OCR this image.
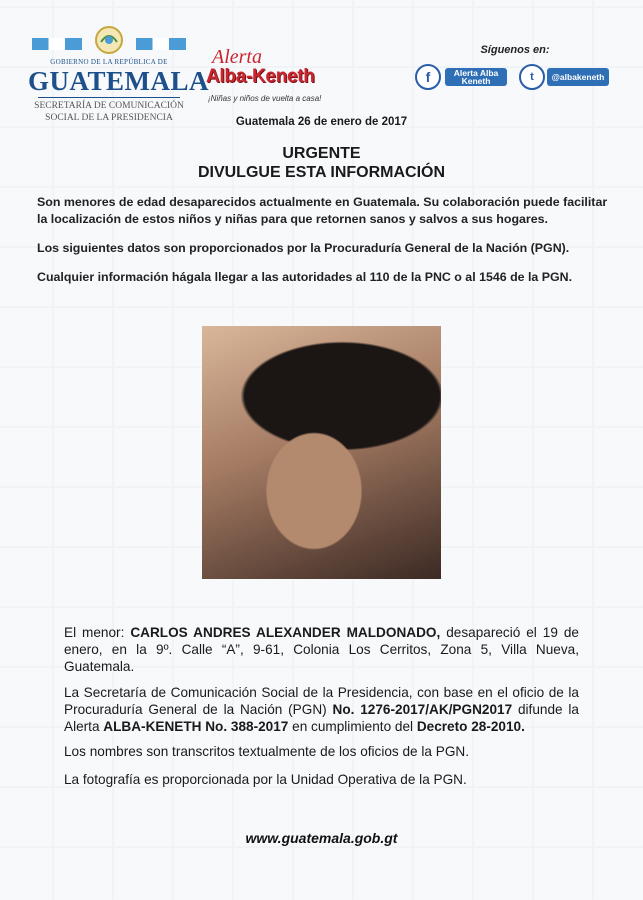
GOBIERNO DE LA REPÚBLICA DE
GUATEMALA
SECRETARÍA DE COMUNICACIÓN
SOCIAL DE LA PRESIDENCIA
Alerta
Alba-Keneth
¡Niñas y niños de vuelta a casa!
Síguenos en:
f	Alerta Alba Keneth	t	@albakeneth
Guatemala 26 de enero de 2017
URGENTE
DIVULGUE ESTA INFORMACIÓN
Son menores de edad desaparecidos actualmente en Guatemala. Su colaboración puede facilitar la localización de estos niños y niñas para que retornen sanos y salvos a sus hogares.
Los siguientes datos son proporcionados por la Procuraduría General de la Nación (PGN).
Cualquier información hágala llegar a las autoridades al 110 de la PNC o al 1546 de la PGN.
El menor: CARLOS ANDRES ALEXANDER MALDONADO, desapareció el 19 de enero, en la 9º. Calle “A”, 9-61, Colonia Los Cerritos, Zona 5, Villa Nueva, Guatemala.
La Secretaría de Comunicación Social de la Presidencia, con base en el oficio de la Procuraduría General de la Nación (PGN) No. 1276-2017/AK/PGN2017 difunde la Alerta ALBA-KENETH No. 388-2017 en cumplimiento del Decreto 28-2010.
Los nombres son transcritos textualmente de los oficios de la PGN.
La fotografía es proporcionada por la Unidad Operativa de la PGN.
www.guatemala.gob.gt
